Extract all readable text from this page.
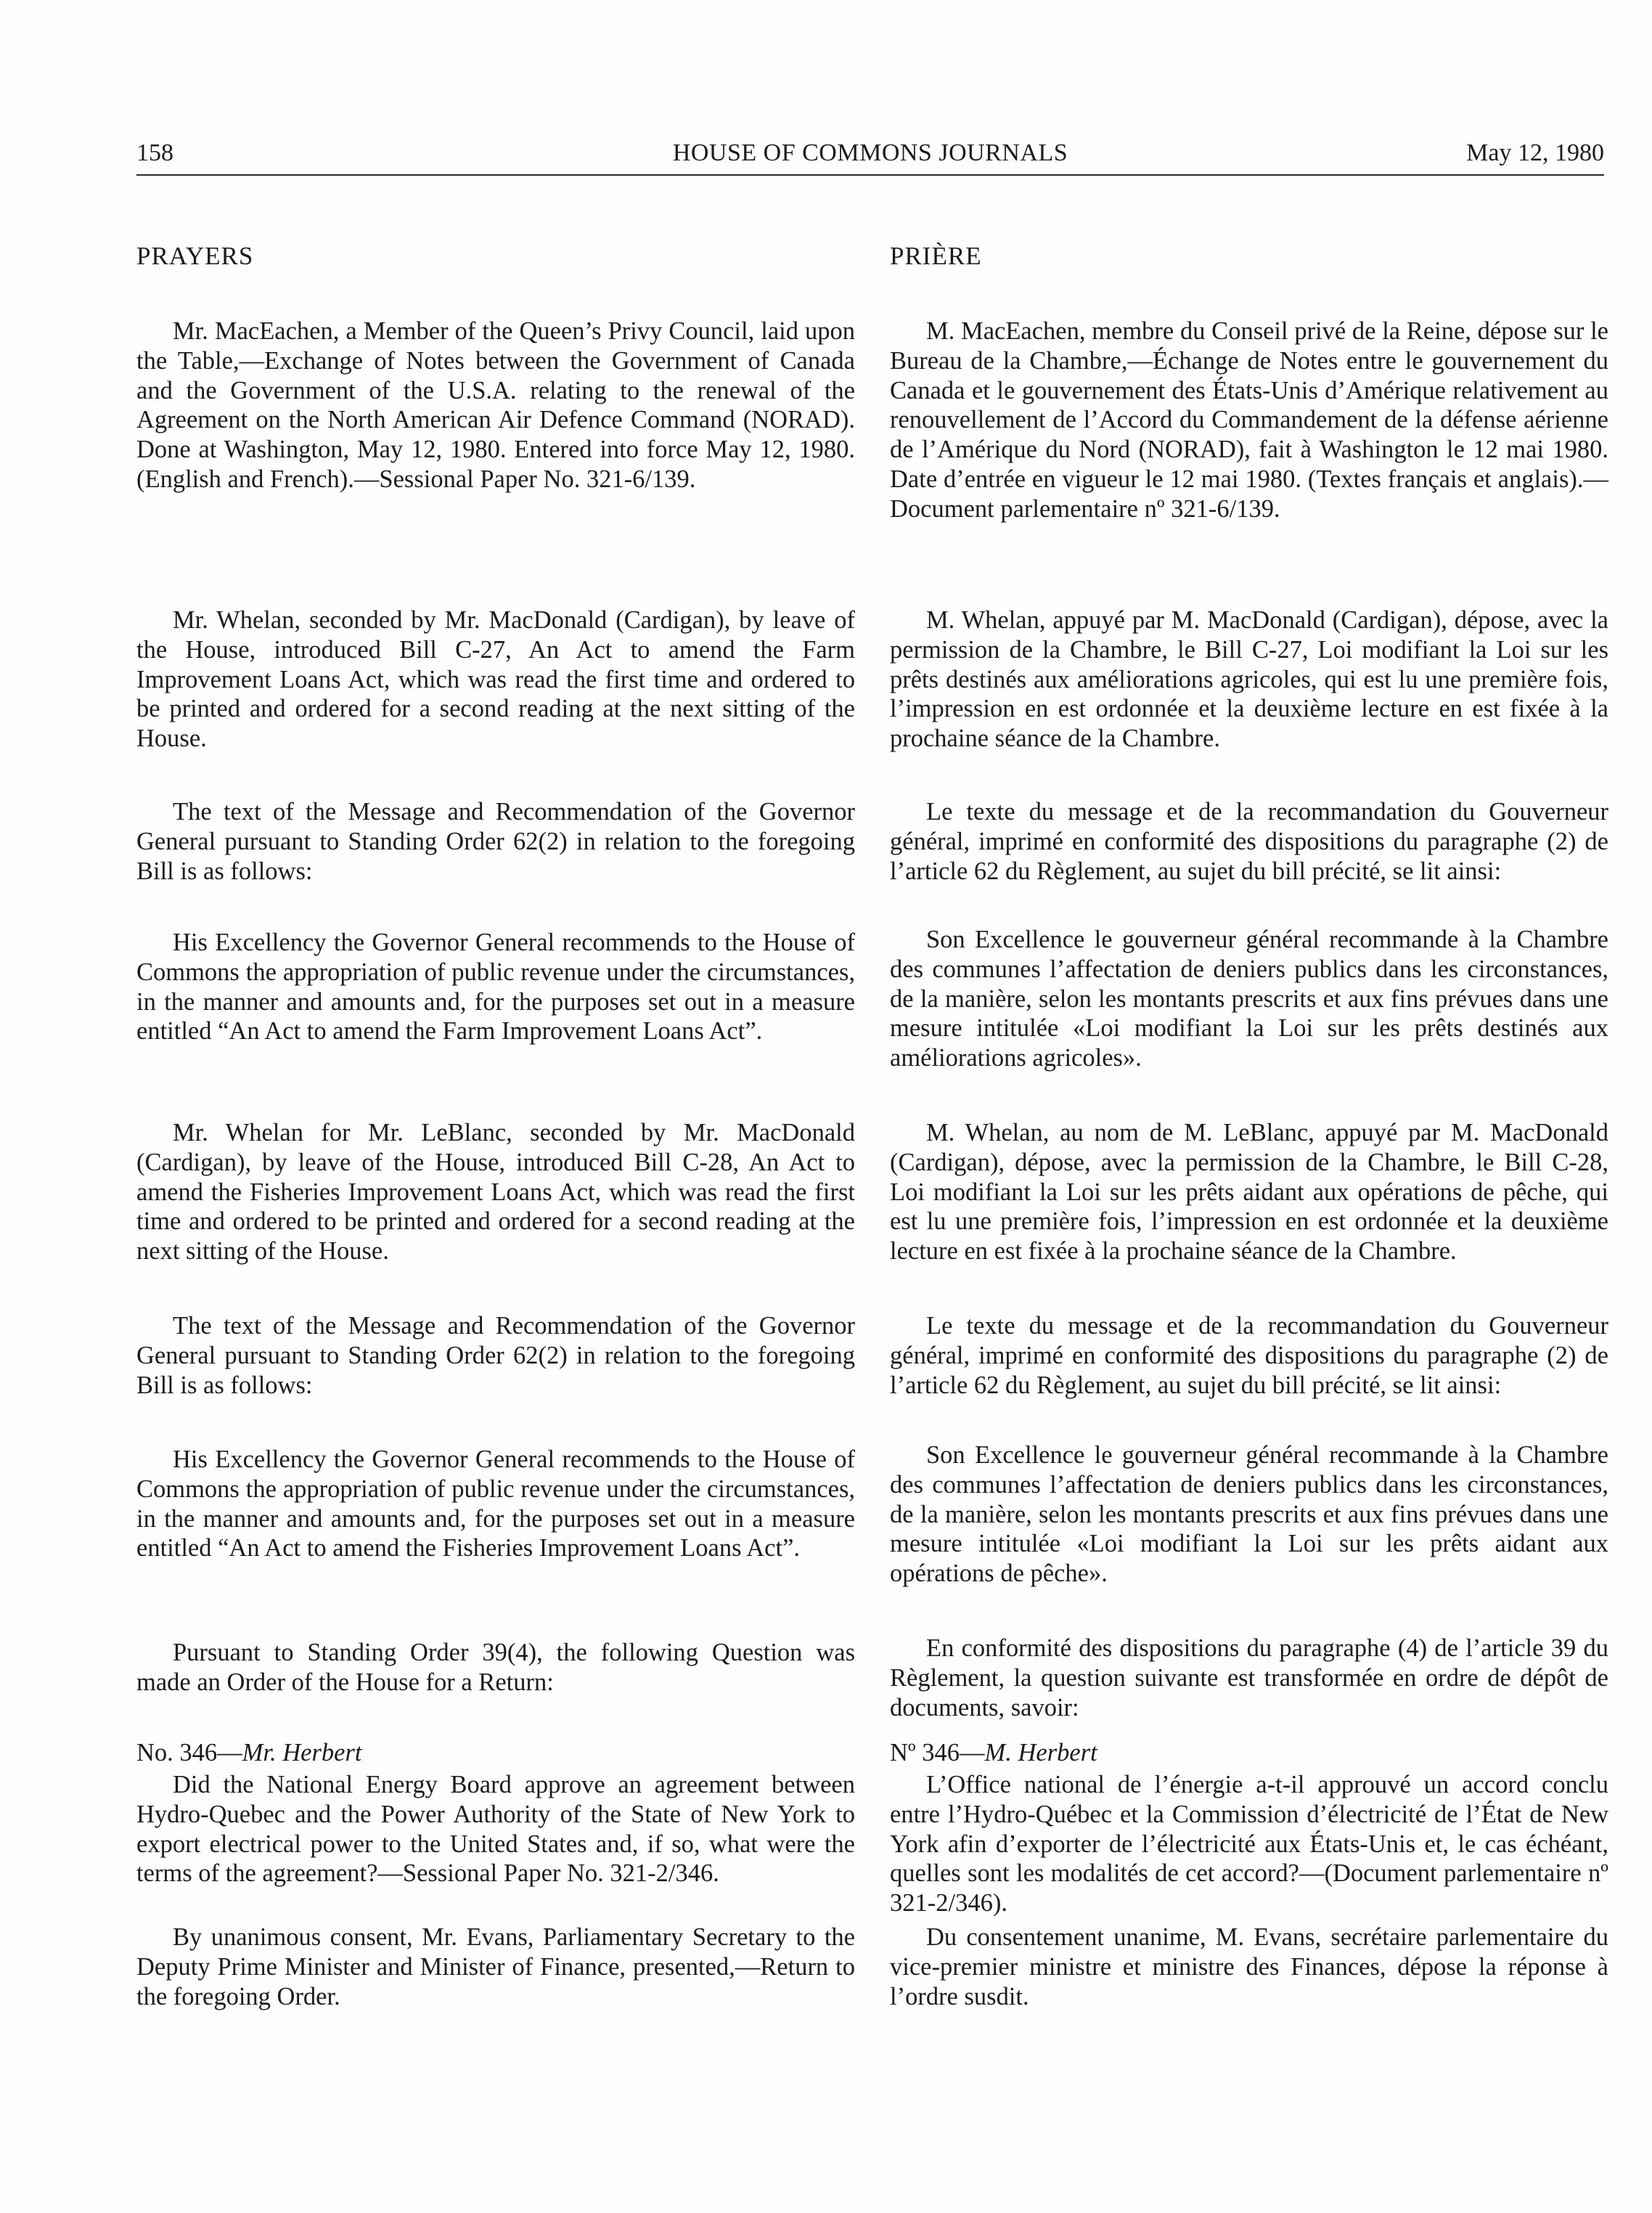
158	HOUSE OF COMMONS JOURNALS	May 12, 1980
PRAYERS
Mr. MacEachen, a Member of the Queen’s Privy Council, laid upon the Table,—Exchange of Notes between the Government of Canada and the Government of the U.S.A. relating to the renewal of the Agreement on the North American Air Defence Command (NORAD). Done at Washington, May 12, 1980. Entered into force May 12, 1980. (English and French).—Sessional Paper No. 321-6/139.
Mr. Whelan, seconded by Mr. MacDonald (Cardigan), by leave of the House, introduced Bill C-27, An Act to amend the Farm Improvement Loans Act, which was read the first time and ordered to be printed and ordered for a second reading at the next sitting of the House.
The text of the Message and Recommendation of the Governor General pursuant to Standing Order 62(2) in relation to the foregoing Bill is as follows:
His Excellency the Governor General recommends to the House of Commons the appropriation of public revenue under the circumstances, in the manner and amounts and, for the purposes set out in a measure entitled “An Act to amend the Farm Improvement Loans Act”.
Mr. Whelan for Mr. LeBlanc, seconded by Mr. MacDonald (Cardigan), by leave of the House, introduced Bill C-28, An Act to amend the Fisheries Improvement Loans Act, which was read the first time and ordered to be printed and ordered for a second reading at the next sitting of the House.
The text of the Message and Recommendation of the Governor General pursuant to Standing Order 62(2) in relation to the foregoing Bill is as follows:
His Excellency the Governor General recommends to the House of Commons the appropriation of public revenue under the circumstances, in the manner and amounts and, for the purposes set out in a measure entitled “An Act to amend the Fisheries Improvement Loans Act”.
Pursuant to Standing Order 39(4), the following Question was made an Order of the House for a Return:
No. 346—Mr. Herbert
Did the National Energy Board approve an agreement between Hydro-Quebec and the Power Authority of the State of New York to export electrical power to the United States and, if so, what were the terms of the agreement?—Sessional Paper No. 321-2/346.
By unanimous consent, Mr. Evans, Parliamentary Secretary to the Deputy Prime Minister and Minister of Finance, presented,—Return to the foregoing Order.
PRIÈRE
M. MacEachen, membre du Conseil privé de la Reine, dépose sur le Bureau de la Chambre,—Échange de Notes entre le gouvernement du Canada et le gouvernement des États-Unis d’Amérique relativement au renouvellement de l’Accord du Commandement de la défense aérienne de l’Amérique du Nord (NORAD), fait à Washington le 12 mai 1980. Date d’entrée en vigueur le 12 mai 1980. (Textes français et anglais).—Document parlementaire nº 321-6/139.
M. Whelan, appuyé par M. MacDonald (Cardigan), dépose, avec la permission de la Chambre, le Bill C-27, Loi modifiant la Loi sur les prêts destinés aux améliorations agricoles, qui est lu une première fois, l’impression en est ordonnée et la deuxième lecture en est fixée à la prochaine séance de la Chambre.
Le texte du message et de la recommandation du Gouverneur général, imprimé en conformité des dispositions du paragraphe (2) de l’article 62 du Règlement, au sujet du bill précité, se lit ainsi:
Son Excellence le gouverneur général recommande à la Chambre des communes l’affectation de deniers publics dans les circonstances, de la manière, selon les montants prescrits et aux fins prévues dans une mesure intitulée «Loi modifiant la Loi sur les prêts destinés aux améliorations agricoles».
M. Whelan, au nom de M. LeBlanc, appuyé par M. MacDonald (Cardigan), dépose, avec la permission de la Chambre, le Bill C-28, Loi modifiant la Loi sur les prêts aidant aux opérations de pêche, qui est lu une première fois, l’impression en est ordonnée et la deuxième lecture en est fixée à la prochaine séance de la Chambre.
Le texte du message et de la recommandation du Gouverneur général, imprimé en conformité des dispositions du paragraphe (2) de l’article 62 du Règlement, au sujet du bill précité, se lit ainsi:
Son Excellence le gouverneur général recommande à la Chambre des communes l’affectation de deniers publics dans les circonstances, de la manière, selon les montants prescrits et aux fins prévues dans une mesure intitulée «Loi modifiant la Loi sur les prêts aidant aux opérations de pêche».
En conformité des dispositions du paragraphe (4) de l’article 39 du Règlement, la question suivante est transformée en ordre de dépôt de documents, savoir:
Nº 346—M. Herbert
L’Office national de l’énergie a-t-il approuvé un accord conclu entre l’Hydro-Québec et la Commission d’électricité de l’État de New York afin d’exporter de l’électricité aux États-Unis et, le cas échéant, quelles sont les modalités de cet accord?—(Document parlementaire nº 321-2/346).
Du consentement unanime, M. Evans, secrétaire parlementaire du vice-premier ministre et ministre des Finances, dépose la réponse à l’ordre susdit.
